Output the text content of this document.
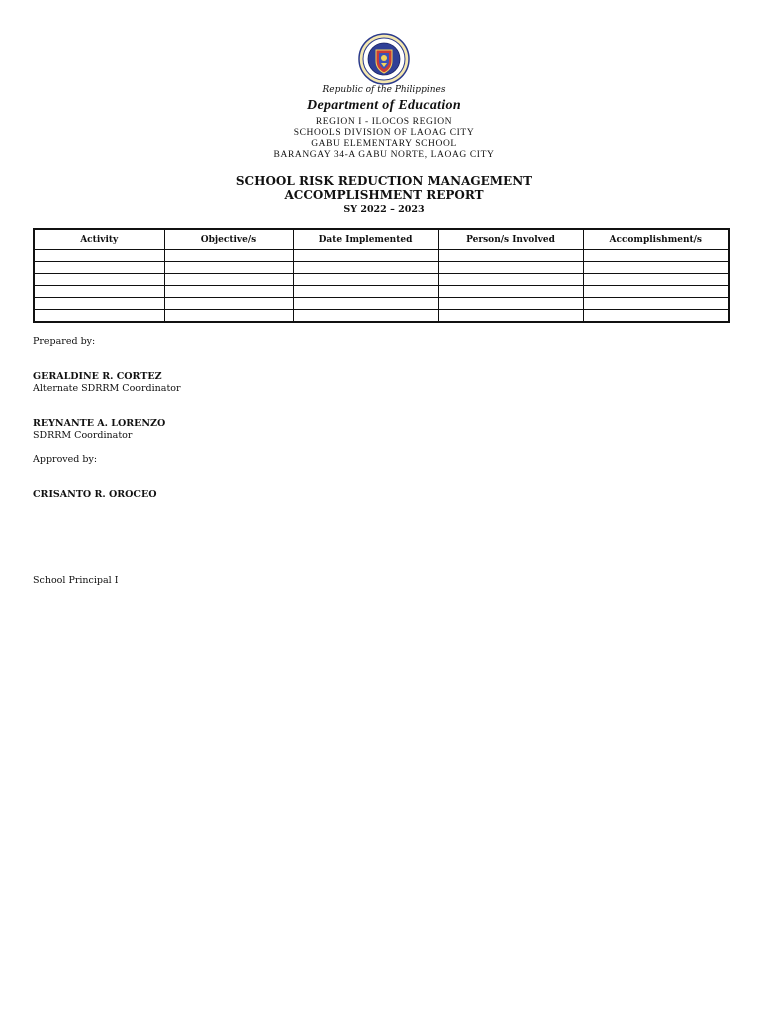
Republic of the Philippines
Department of Education
REGION I - ILOCOS REGION
SCHOOLS DIVISION OF LAOAG CITY
GABU ELEMENTARY SCHOOL
BARANGAY 34-A GABU NORTE, LAOAG CITY
SCHOOL RISK REDUCTION MANAGEMENT
ACCOMPLISHMENT REPORT
SY 2022 – 2023
Activity	Objective/s	Date Implemented	Person/s Involved	Accomplishment/s

Prepared by:
GERALDINE R. CORTEZ
Alternate SDRRM Coordinator
REYNANTE A. LORENZO
SDRRM Coordinator
Approved by:
CRISANTO R. OROCEO
School Principal I
